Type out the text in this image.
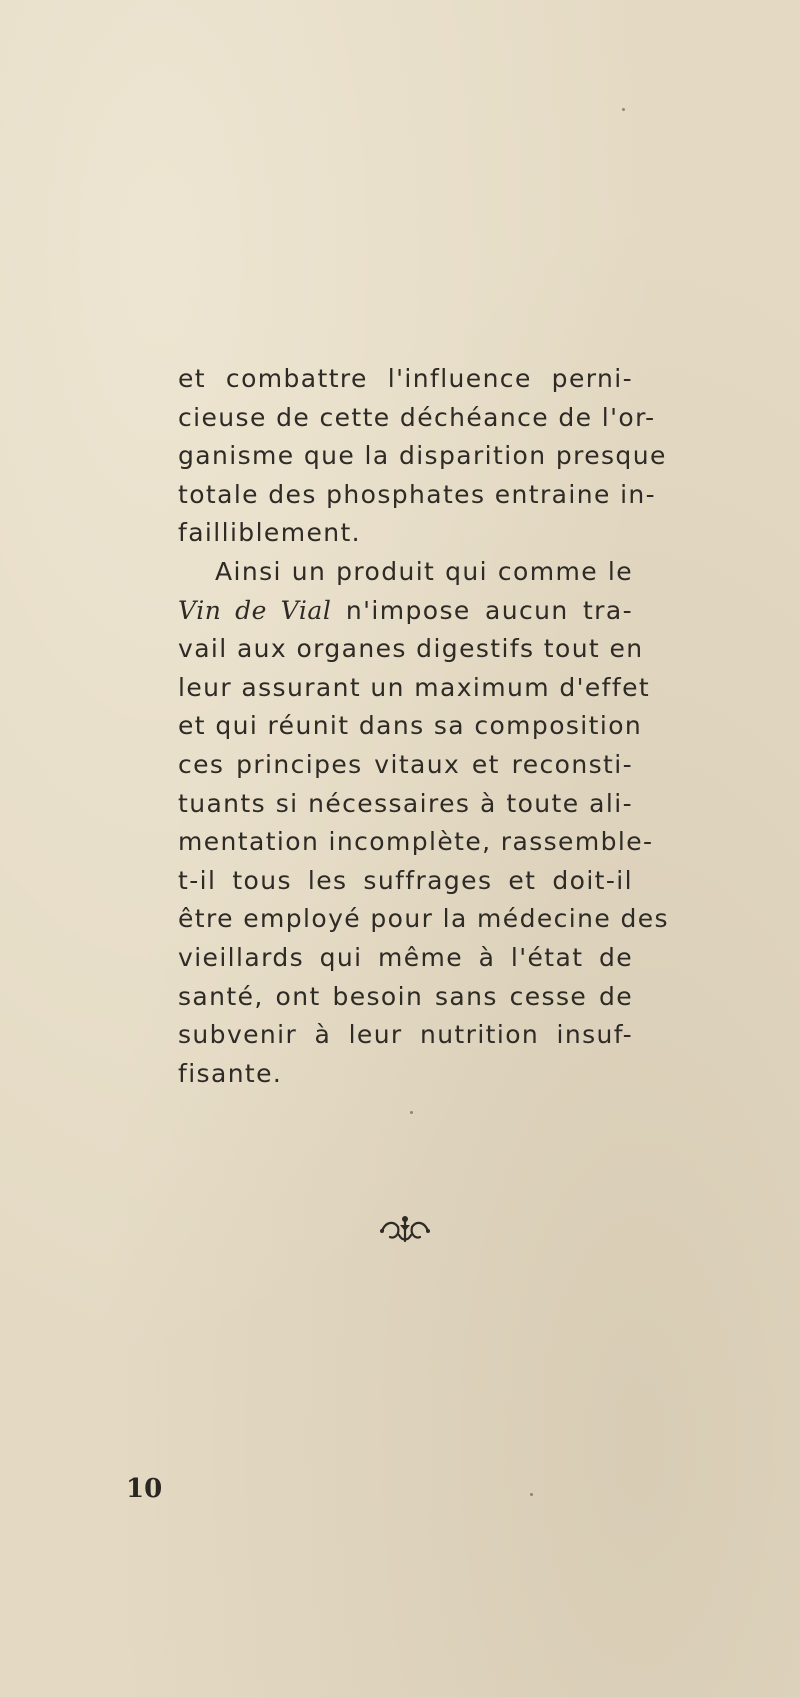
et combattre l'influence perni-
cieuse de cette déchéance de l'or-
ganisme que la disparition presque
totale des phosphates entraine in-
failliblement.
Ainsi un produit qui comme le
Vin de Vial n'impose aucun tra-
vail aux organes digestifs tout en
leur assurant un maximum d'effet
et qui réunit dans sa composition
ces principes vitaux et reconsti-
tuants si nécessaires à toute ali-
mentation incomplète, rassemble-
t-il tous les suffrages et doit-il
être employé pour la médecine des
vieillards qui même à l'état de
santé, ont besoin sans cesse de
subvenir à leur nutrition insuf-
fisante.
10
